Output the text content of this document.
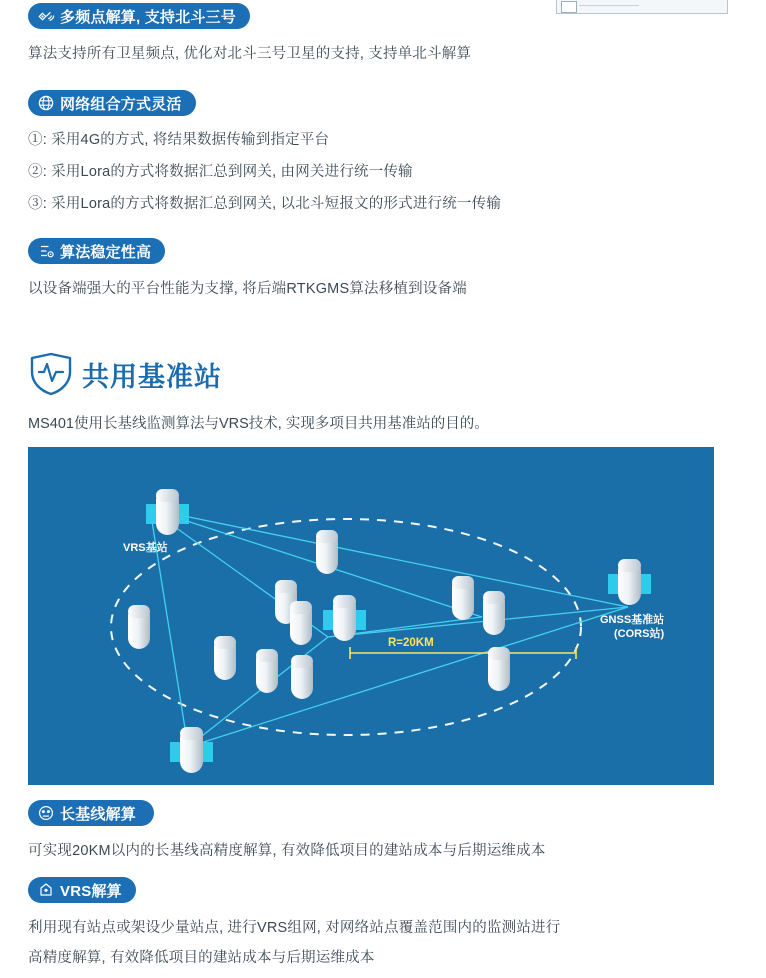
多频点解算, 支持北斗三号
算法支持所有卫星频点, 优化对北斗三号卫星的支持, 支持单北斗解算
网络组合方式灵活
①: 采用4G的方式, 将结果数据传输到指定平台
②: 采用Lora的方式将数据汇总到网关, 由网关进行统一传输
③: 采用Lora的方式将数据汇总到网关, 以北斗短报文的形式进行统一传输
算法稳定性高
以设备端强大的平台性能为支撑, 将后端RTKGMS算法移植到设备端
共用基准站
MS401使用长基线监测算法与VRS技术, 实现多项目共用基准站的目的。
VRS基站
GNSS基准站
(CORS站)
R=20KM
长基线解算
可实现20KM以内的长基线高精度解算, 有效降低项目的建站成本与后期运维成本
VRS解算
利用现有站点或架设少量站点, 进行VRS组网, 对网络站点覆盖范围内的监测站进行
高精度解算, 有效降低项目的建站成本与后期运维成本
